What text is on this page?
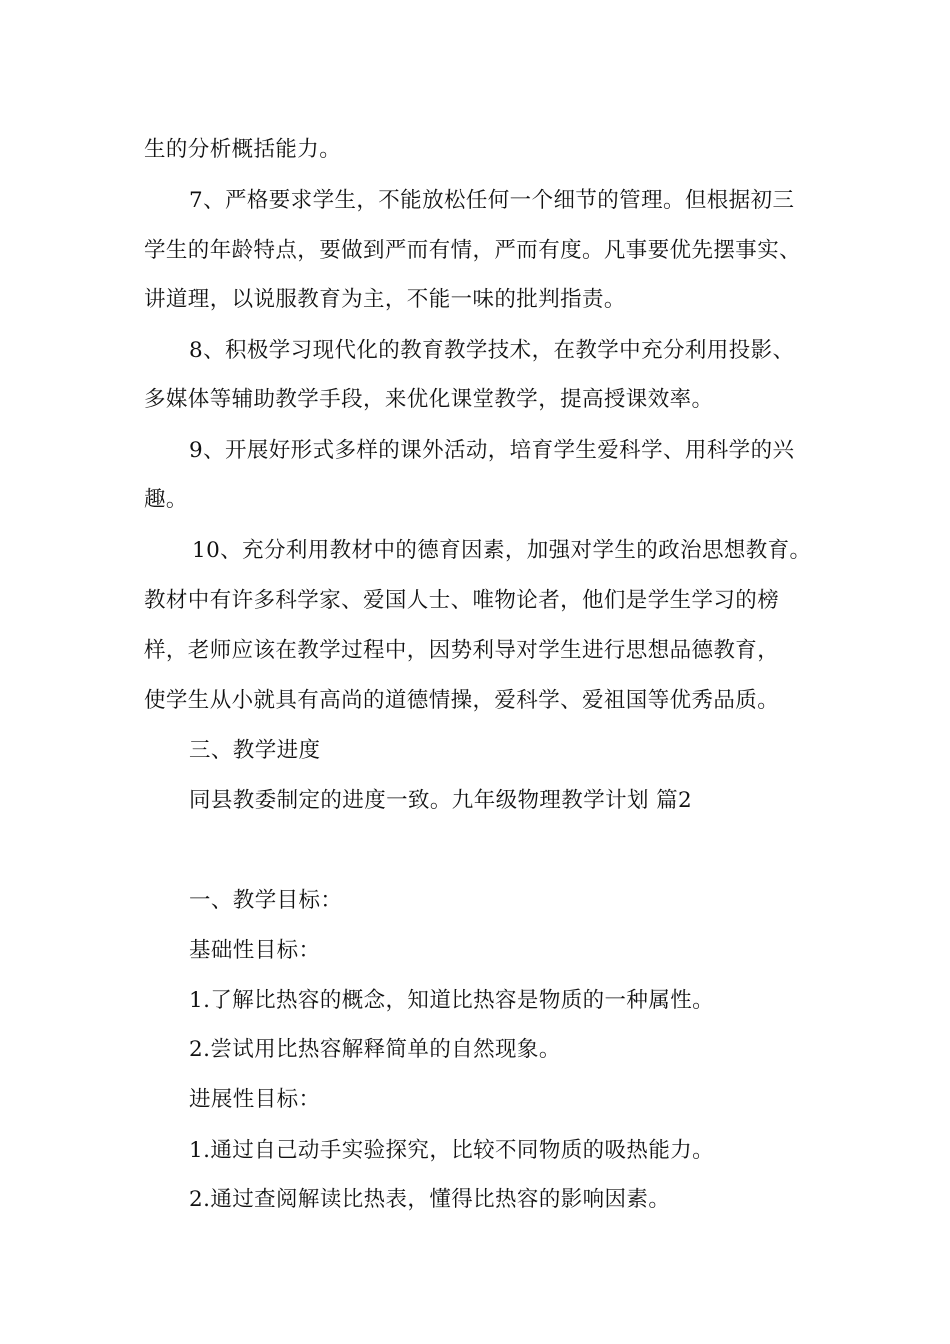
生的分析概括能力。
7、严格要求学生，不能放松任何一个细节的管理。但根据初三
学生的年龄特点，要做到严而有情，严而有度。凡事要优先摆事实、
讲道理，以说服教育为主，不能一味的批判指责。
8、积极学习现代化的教育教学技术，在教学中充分利用投影、
多媒体等辅助教学手段，来优化课堂教学，提高授课效率。
9、开展好形式多样的课外活动，培育学生爱科学、用科学的兴
趣。
10、充分利用教材中的德育因素，加强对学生的政治思想教育。
教材中有许多科学家、爱国人士、唯物论者，他们是学生学习的榜
样，老师应该在教学过程中，因势利导对学生进行思想品德教育，
使学生从小就具有高尚的道德情操，爱科学、爱祖国等优秀品质。
三、教学进度
同县教委制定的进度一致。九年级物理教学计划 篇2
一、教学目标：
基础性目标：
1.了解比热容的概念，知道比热容是物质的一种属性。
2.尝试用比热容解释简单的自然现象。
进展性目标：
1.通过自己动手实验探究，比较不同物质的吸热能力。
2.通过查阅解读比热表，懂得比热容的影响因素。
